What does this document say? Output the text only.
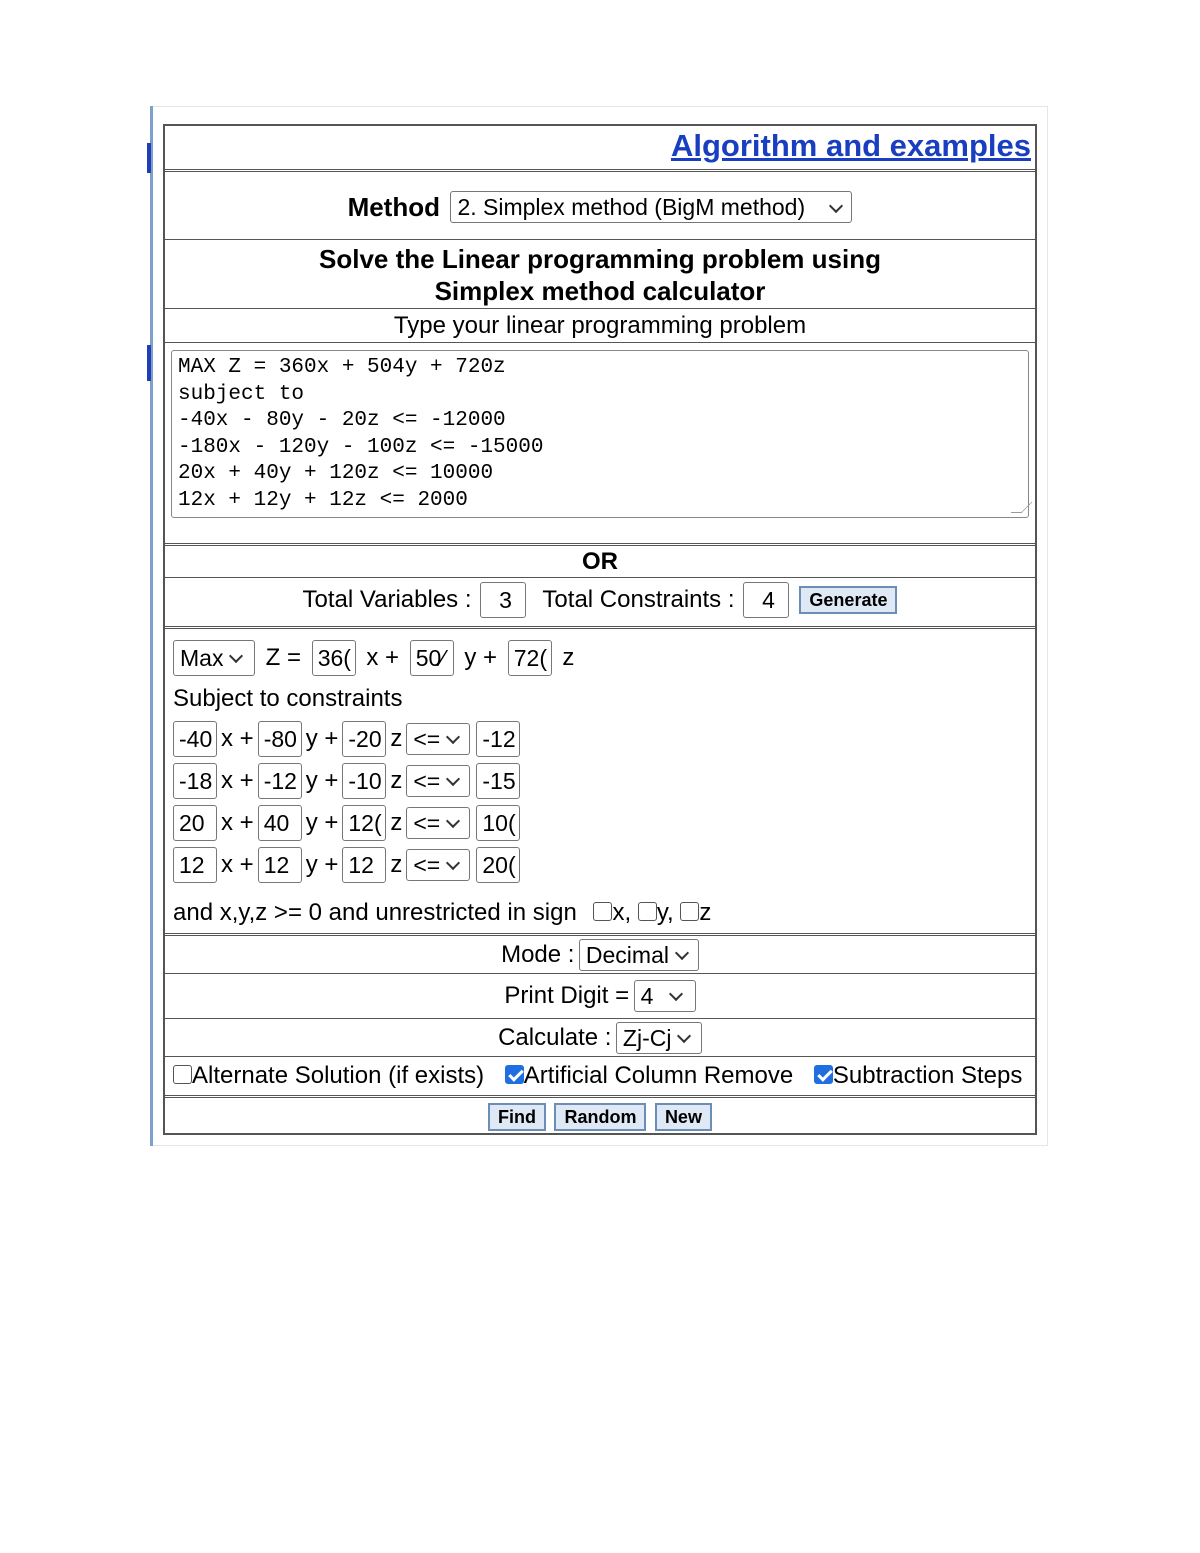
Algorithm and examples
Method 2. Simplex method (BigM method)
Solve the Linear programming problem using
Simplex method calculator
Type your linear programming problem
MAX Z = 360x + 504y + 720z
subject to
-40x - 80y - 20z <= -12000
-180x - 120y - 100z <= -15000
20x + 40y + 120z <= 10000
12x + 12y + 12z <= 2000
OR
Total Variables : 3 Total Constraints : 4 Generate
Max Z = 36( x + 50⁄ y + 72( z
Subject to constraints
-40 x + -80 y + -20 z <= -12
-18 x + -12 y + -10 z <= -15
20 x + 40 y + 12( z <= 10(
12 x + 12 y + 12 z <= 20(
and x,y,z >= 0 and unrestricted in sign x, y, z
Mode : Decimal
Print Digit = 4
Calculate : Zj-Cj
Alternate Solution (if exists) Artificial Column Remove Subtraction Steps
Find Random New
